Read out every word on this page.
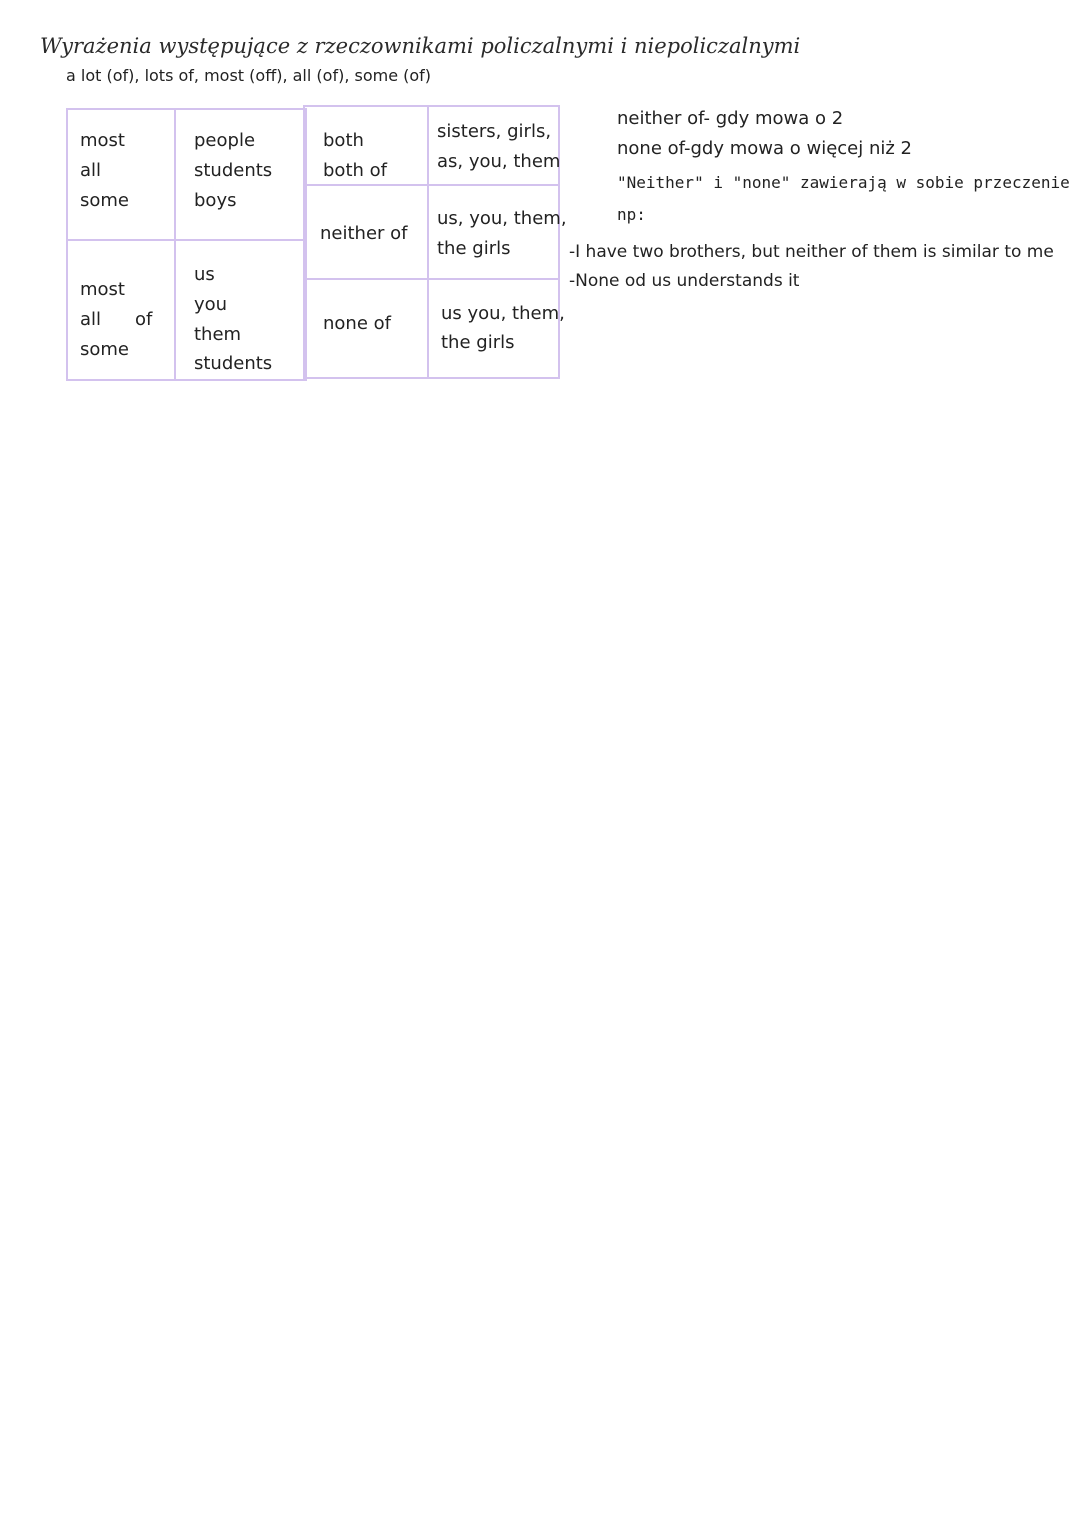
Wyrażenia występujące z rzeczownikami policzalnymi i niepoliczalnymi
a lot (of), lots of, most (off), all (of), some (of)
most
all
some
people
students
boys
most
all of
some
us
you
them
students
both
both of
sisters, girls,
as, you, them
neither of
us, you, them,
the girls
none of	us you, them,
the girls
neither of- gdy mowa o 2
none of-gdy mowa o więcej niż 2
"Neither" i "none" zawierają w sobie przeczenie
np:
-I have two brothers, but neither of them is similar to me
-None od us understands it
